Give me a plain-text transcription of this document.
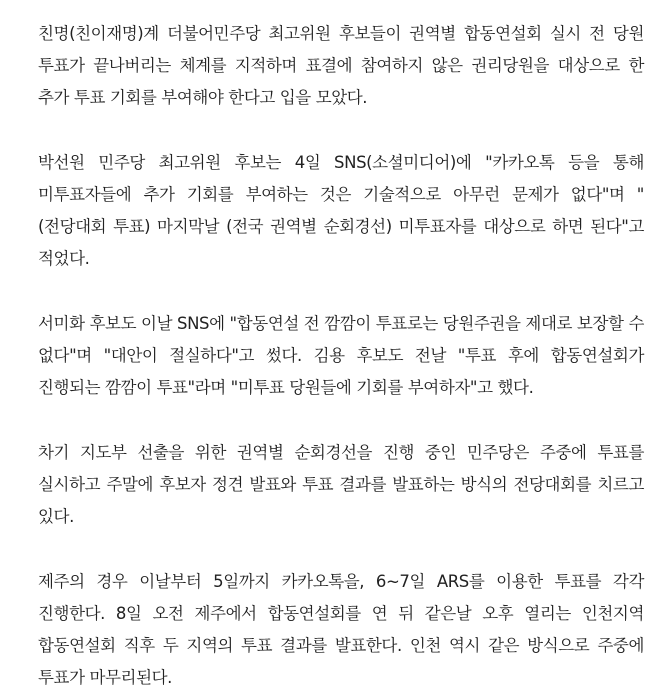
친명(친이재명)계 더불어민주당 최고위원 후보들이 권역별 합동연설회 실시 전 당원 투표가 끝나버리는 체계를 지적하며 표결에 참여하지 않은 권리당원을 대상으로 한 추가 투표 기회를 부여해야 한다고 입을 모았다.

박선원 민주당 최고위원 후보는 4일 SNS(소셜미디어)에 "카카오톡 등을 통해 미투표자들에 추가 기회를 부여하는 것은 기술적으로 아무런 문제가 없다"며 "(전당대회 투표) 마지막날 (전국 권역별 순회경선) 미투표자를 대상으로 하면 된다"고 적었다.

서미화 후보도 이날 SNS에 "합동연설 전 깜깜이 투표로는 당원주권을 제대로 보장할 수 없다"며 "대안이 절실하다"고 썼다. 김용 후보도 전날 "투표 후에 합동연설회가 진행되는 깜깜이 투표"라며 "미투표 당원들에 기회를 부여하자"고 했다.

차기 지도부 선출을 위한 권역별 순회경선을 진행 중인 민주당은 주중에 투표를 실시하고 주말에 후보자 정견 발표와 투표 결과를 발표하는 방식의 전당대회를 치르고 있다.

제주의 경우 이날부터 5일까지 카카오톡을, 6~7일 ARS를 이용한 투표를 각각 진행한다. 8일 오전 제주에서 합동연설회를 연 뒤 같은날 오후 열리는 인천지역 합동연설회 직후 두 지역의 투표 결과를 발표한다. 인천 역시 같은 방식으로 주중에 투표가 마무리된다.
